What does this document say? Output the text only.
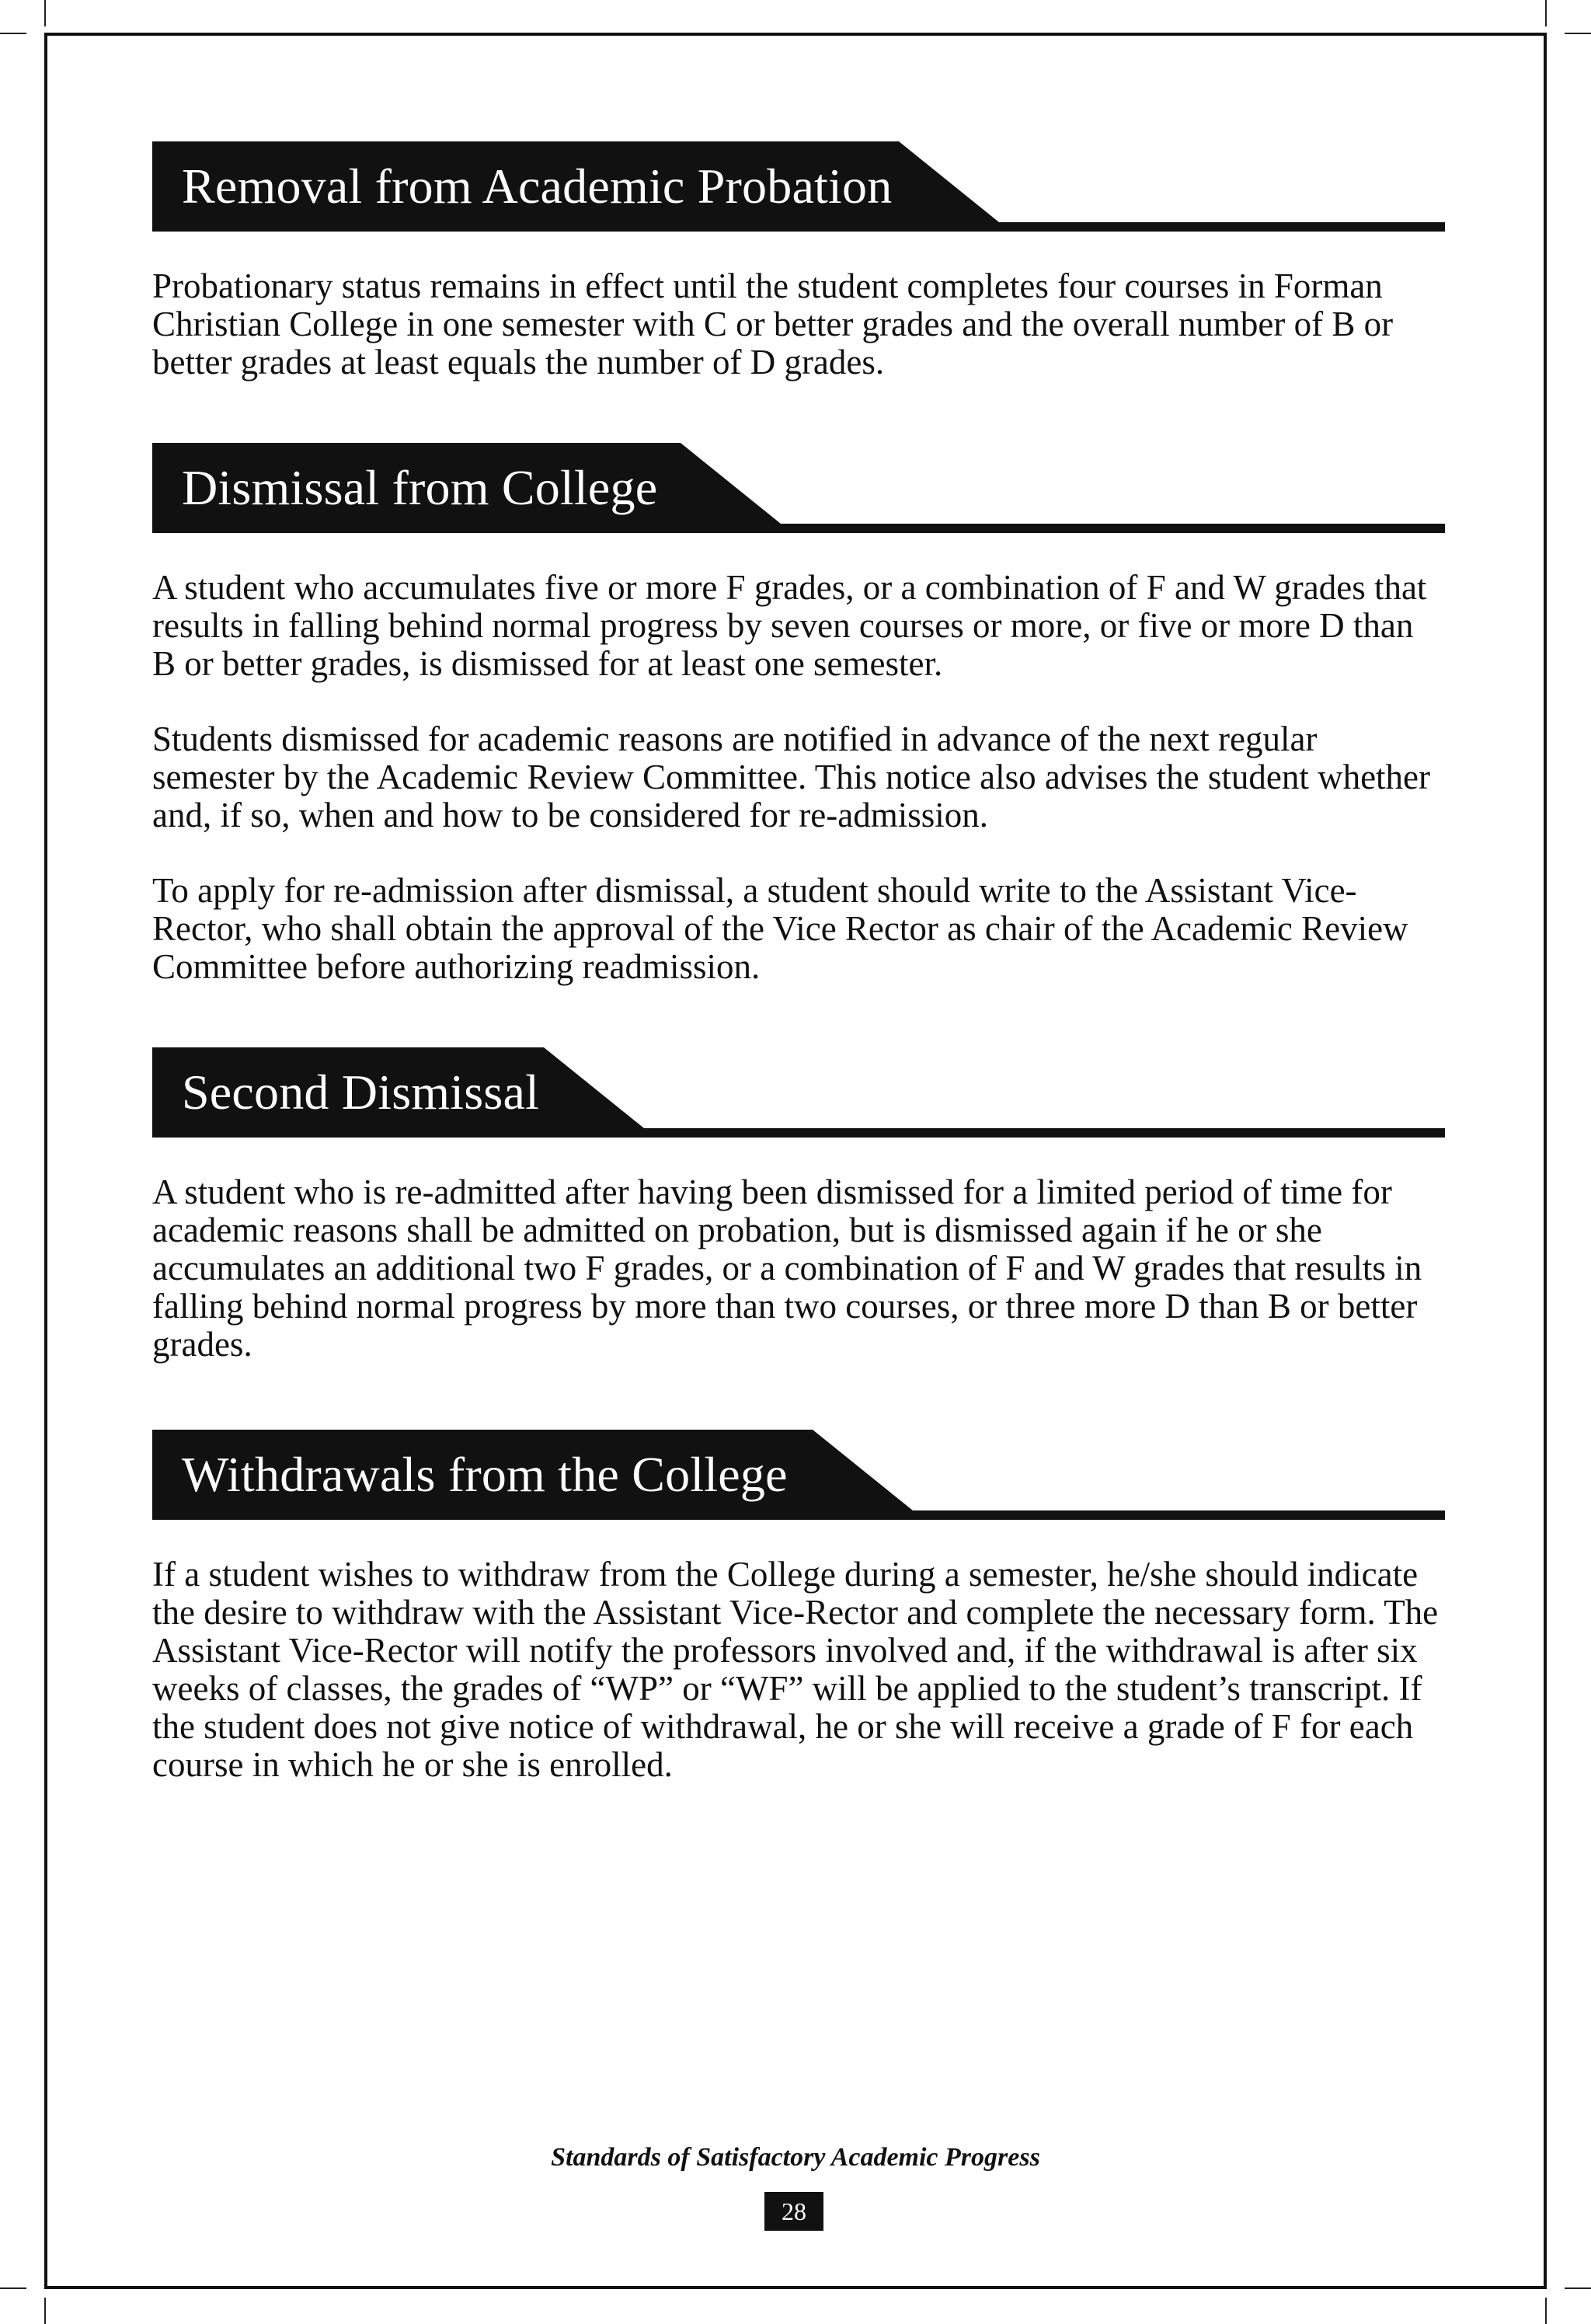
Removal from Academic Probation

Probationary status remains in effect until the student completes four courses in Forman Christian College in one semester with C or better grades and the overall number of B or better grades at least equals the number of D grades.

Dismissal from College

A student who accumulates five or more F grades, or a combination of F and W grades that results in falling behind normal progress by seven courses or more, or five or more D than B or better grades, is dismissed for at least one semester.

Students dismissed for academic reasons are notified in advance of the next regular semester by the Academic Review Committee. This notice also advises the student whether and, if so, when and how to be considered for re-admission.

To apply for re-admission after dismissal, a student should write to the Assistant Vice-Rector, who shall obtain the approval of the Vice Rector as chair of the Academic Review Committee before authorizing readmission.

Second Dismissal

A student who is re-admitted after having been dismissed for a limited period of time for academic reasons shall be admitted on probation, but is dismissed again if he or she accumulates an additional two F grades, or a combination of F and W grades that results in falling behind normal progress by more than two courses, or three more D than B or better grades.

Withdrawals from the College

If a student wishes to withdraw from the College during a semester, he/she should indicate the desire to withdraw with the Assistant Vice-Rector and complete the necessary form. The Assistant Vice-Rector will notify the professors involved and, if the withdrawal is after six weeks of classes, the grades of “WP” or “WF” will be applied to the student’s transcript. If the student does not give notice of withdrawal, he or she will receive a grade of F for each course in which he or she is enrolled.

Standards of Satisfactory Academic Progress
28
